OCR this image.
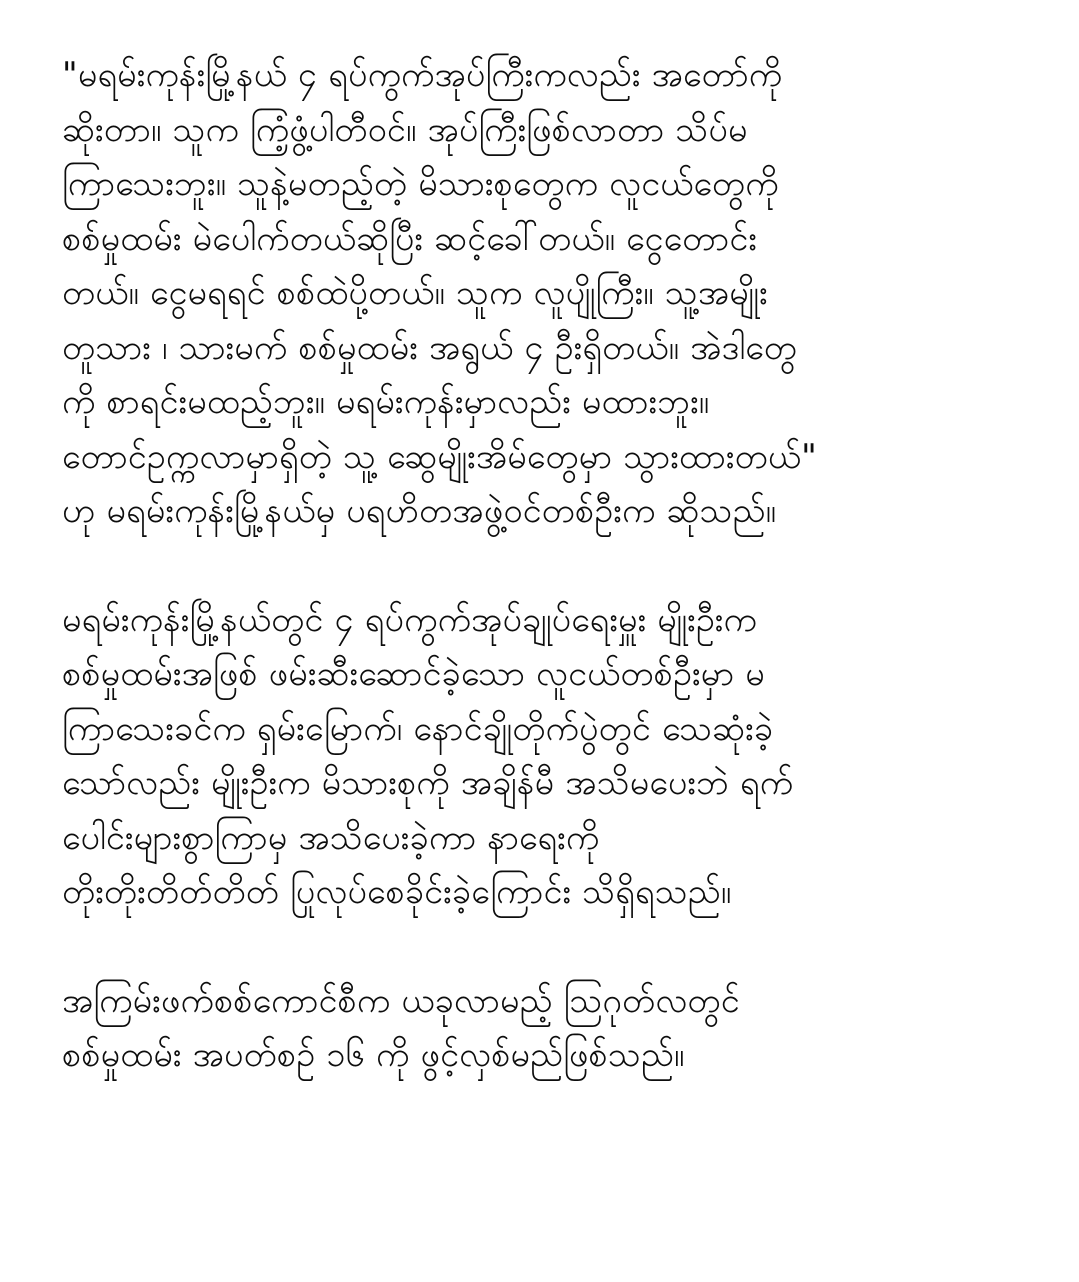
"မရမ်းကုန်းမြို့နယ် ၄ ရပ်ကွက်အုပ်ကြီးကလည်း အတော်ကို
ဆိုးတာ။ သူက ကြံ့ဖွံ့ပါတီဝင်။ အုပ်ကြီးဖြစ်လာတာ သိပ်မ
ကြာသေးဘူး။ သူနဲ့မတည့်တဲ့ မိသားစုတွေက လူငယ်တွေကို
စစ်မှုထမ်း မဲပေါက်တယ်ဆိုပြီး ဆင့်ခေါ်တယ်။ ငွေတောင်း
တယ်။ ငွေမရရင် စစ်ထဲပို့တယ်။ သူက လူပျိုကြီး။ သူ့အမျိုး
တူသား ၊ သားမက် စစ်မှုထမ်း အရွယ် ၄ ဦးရှိတယ်။ အဲဒါတွေ
ကို စာရင်းမထည့်ဘူး။ မရမ်းကုန်းမှာလည်း မထားဘူး။
တောင်ဥက္ကလာမှာရှိတဲ့ သူ့ ဆွေမျိုးအိမ်တွေမှာ သွားထားတယ်"
ဟု မရမ်းကုန်းမြို့နယ်မှ ပရဟိတအဖွဲ့ဝင်တစ်ဦးက ဆိုသည်။
မရမ်းကုန်းမြို့နယ်တွင် ၄ ရပ်ကွက်အုပ်ချုပ်ရေးမှူး မျိုးဦးက
စစ်မှုထမ်းအဖြစ် ဖမ်းဆီးဆောင်ခဲ့သော လူငယ်တစ်ဦးမှာ မ
ကြာသေးခင်က ရှမ်းမြောက်၊ နောင်ချိုတိုက်ပွဲတွင် သေဆုံးခဲ့
သော်လည်း မျိုးဦးက မိသားစုကို အချိန်မီ အသိမပေးဘဲ ရက်
ပေါင်းများစွာကြာမှ အသိပေးခဲ့ကာ နာရေးကို
တိုးတိုးတိတ်တိတ် ပြုလုပ်စေခိုင်းခဲ့ကြောင်း သိရှိရသည်။
အကြမ်းဖက်စစ်ကောင်စီက ယခုလာမည့် ဩဂုတ်လတွင်
စစ်မှုထမ်း အပတ်စဉ် ၁၆ ကို ဖွင့်လှစ်မည်ဖြစ်သည်။
